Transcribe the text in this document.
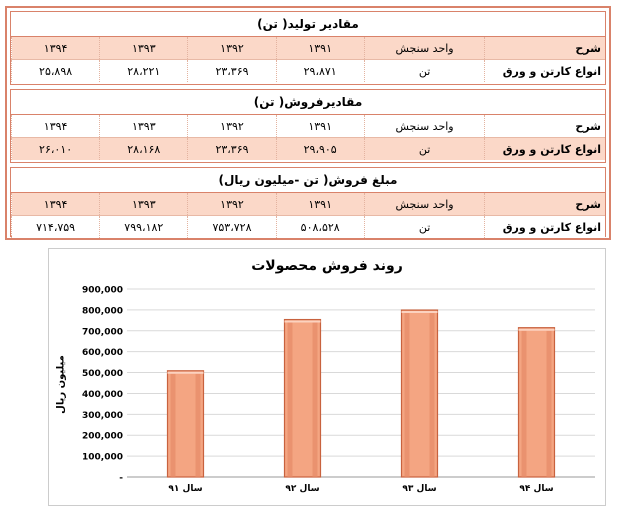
مقادیر تولید( تن)
شرح	واحد سنجش	۱۳۹۱	۱۳۹۲	۱۳۹۳	۱۳۹۴
انواع کارتن و ورق	تن	۲۹،۸۷۱	۲۳،۳۶۹	۲۸،۲۲۱	۲۵،۸۹۸
مقادیرفروش( تن)
شرح	واحد سنجش	۱۳۹۱	۱۳۹۲	۱۳۹۳	۱۳۹۴
انواع کارتن و ورق	تن	۲۹،۹۰۵	۲۳،۳۶۹	۲۸،۱۶۸	۲۶،۰۱۰
مبلغ فروش( تن -میلیون ریال)
شرح	واحد سنجش	۱۳۹۱	۱۳۹۲	۱۳۹۳	۱۳۹۴
انواع کارتن و ورق	تن	۵۰۸،۵۲۸	۷۵۳،۷۲۸	۷۹۹،۱۸۲	۷۱۴،۷۵۹
روند فروش محصولات
میلیون ریال
-
100,000
200,000
300,000
400,000
500,000
600,000
700,000
800,000
900,000
سال ۹۱	سال ۹۲	سال ۹۳	سال ۹۴
